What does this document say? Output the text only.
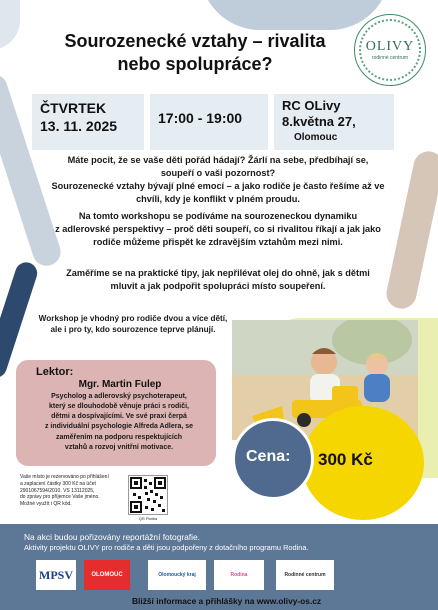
Sourozenecké vztahy – rivalita
nebo spolupráce?
OLIVY
rodinné centrum
ČTVRTEK
13. 11. 2025	17:00 - 19:00
RC OLivy
8.května 27,
Olomouc
Máte pocit, že se vaše děti pořád hádají? Žárlí na sebe, předbíhají se,
soupeří o vaši pozornost?
Sourozenecké vztahy bývají plné emocí – a jako rodiče je často řešíme až ve
chvíli, kdy je konflikt v plném proudu.
Na tomto workshopu se podíváme na sourozeneckou dynamiku
z adlerovské perspektivy – proč děti soupeří, co si rivalitou říkají a jak jako
rodiče můžeme přispět ke zdravějším vztahům mezi nimi.
Zaměříme se na praktické tipy, jak nepřilévat olej do ohně, jak s dětmi
mluvit a jak podpořit spolupráci místo soupeření.
Workshop je vhodný pro rodiče dvou a více dětí,
ale i pro ty, kdo sourozence teprve plánují.
Lektor:
Mgr. Martin Fulep
Psycholog a adlerovský psychoterapeut,
který se dlouhodobě věnuje práci s rodiči,
dětmi a dospívajícími. Ve své praxi čerpá
z individuální psychologie Alfreda Adlera, se
zaměřením na podporu respektujících
vztahů a rozvoj vnitřní motivace.
Cena: 300 Kč
Vaše místo je rezervováno po přihlášení
a zaplacení částky 300 Kč na účet
2901067594/2010. VS 13112025,
do zprávy pro příjemce Vaše jméno.
Možné využít i QR kód.
QR Platba
Na akci budou pořizovány reportážní fotografie.
Aktivity projektu OLIVY pro rodiče a děti jsou podpořeny z dotačního programu Rodina.
MPSV	OLOMOUC	Olomoucký kraj	Rodina	Rodinné centrum
Bližší informace a přihlášky na www.olivy-os.cz
